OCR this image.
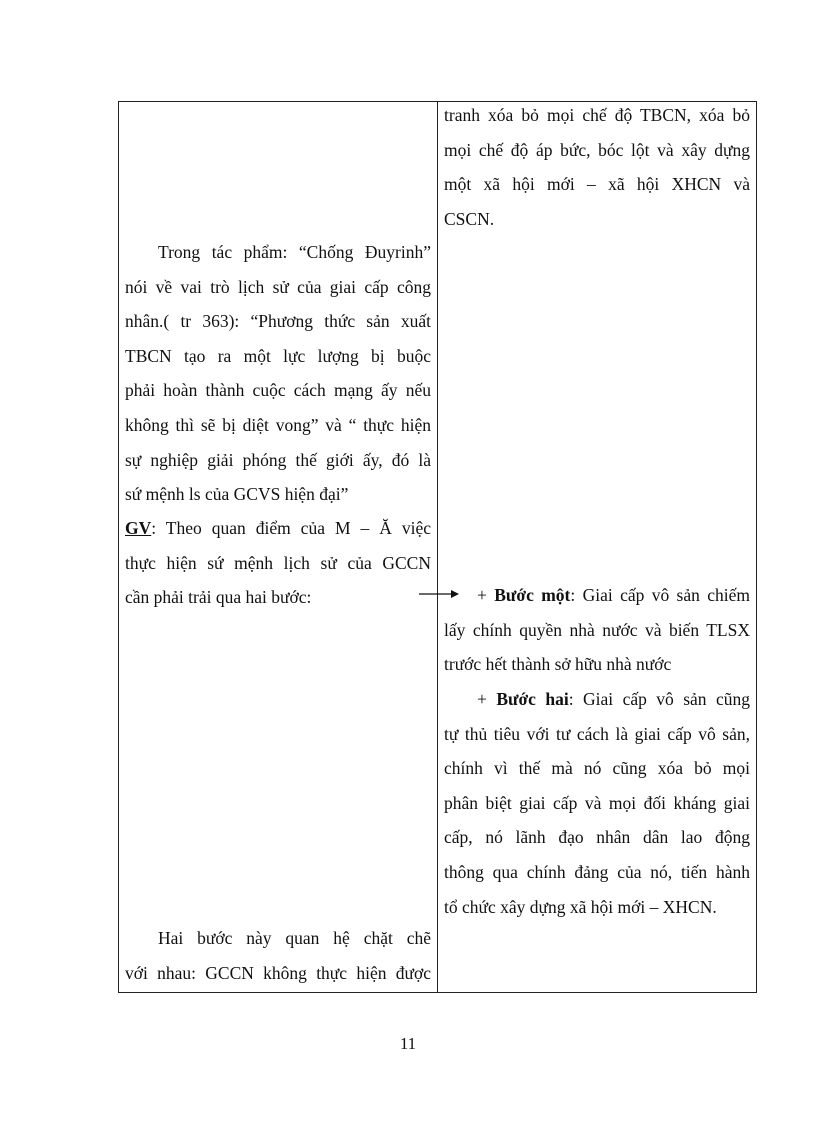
Trong tác phẩm: “Chống Đuyrinh”
nói về vai trò lịch sử của giai cấp công
nhân.( tr 363): “Phương thức sản xuất
TBCN tạo ra một lực lượng bị buộc
phải hoàn thành cuộc cách mạng ấy nếu
không thì sẽ bị diệt vong” và “ thực hiện
sự nghiệp giải phóng thế giới ấy, đó là
sứ mệnh ls của GCVS hiện đại”
GV: Theo quan điểm của M – Ă việc
thực hiện sứ mệnh lịch sử của GCCN
cần phải trải qua hai bước:
Hai bước này quan hệ chặt chẽ
với nhau: GCCN không thực hiện được
tranh xóa bỏ mọi chế độ TBCN, xóa bỏ
mọi chế độ áp bức, bóc lột và xây dựng
một xã hội mới – xã hội XHCN và
CSCN.
+ Bước một: Giai cấp vô sản chiếm
lấy chính quyền nhà nước và biến TLSX
trước hết thành sở hữu nhà nước
+ Bước hai: Giai cấp vô sản cũng
tự thủ tiêu với tư cách là giai cấp vô sản,
chính vì thế mà nó cũng xóa bỏ mọi
phân biệt giai cấp và mọi đối kháng giai
cấp, nó lãnh đạo nhân dân lao động
thông qua chính đảng của nó, tiến hành
tổ chức xây dựng xã hội mới – XHCN.
11
